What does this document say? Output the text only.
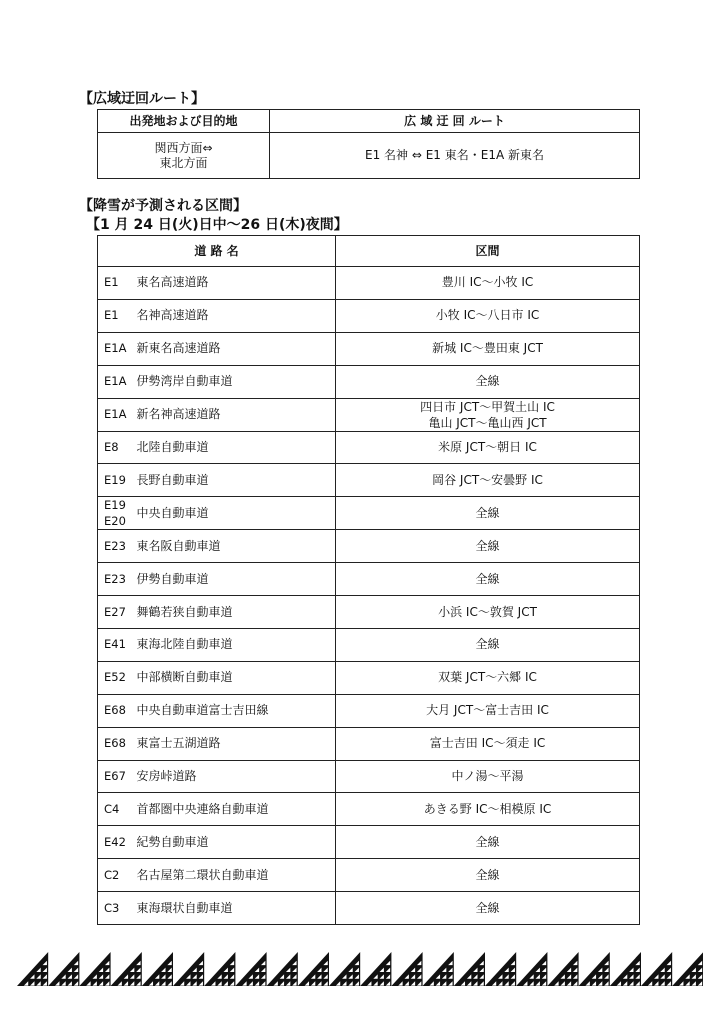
【広域迂回ルート】
出発地および目的地	広 域 迂 回 ルート

関西方面⇔
東北方面	E1 名神 ⇔ E1 東名・E1A 新東名
【降雪が予測される区間】
【1 月 24 日(火)日中～26 日(木)夜間】
道 路 名		区間

E1	東名高速道路	豊川 IC～小牧 IC

E1	名神高速道路	小牧 IC～八日市 IC

E1A	新東名高速道路	新城 IC～豊田東 JCT

E1A	伊勢湾岸自動車道	全線

E1A	新名神高速道路	四日市 JCT～甲賀土山 IC
亀山 JCT～亀山西 JCT

E8	北陸自動車道	米原 JCT～朝日 IC

E19	長野自動車道	岡谷 JCT～安曇野 IC

E19
E20	中央自動車道	全線

E23	東名阪自動車道	全線

E23	伊勢自動車道	全線

E27	舞鶴若狭自動車道	小浜 IC～敦賀 JCT

E41	東海北陸自動車道	全線

E52	中部横断自動車道	双葉 JCT～六郷 IC

E68	中央自動車道富士吉田線	大月 JCT～富士吉田 IC

E68	東富士五湖道路	富士吉田 IC～須走 IC

E67	安房峠道路	中ノ湯～平湯

C4	首都圏中央連絡自動車道	あきる野 IC～相模原 IC

E42	紀勢自動車道	全線

C2	名古屋第二環状自動車道	全線

C3	東海環状自動車道	全線
